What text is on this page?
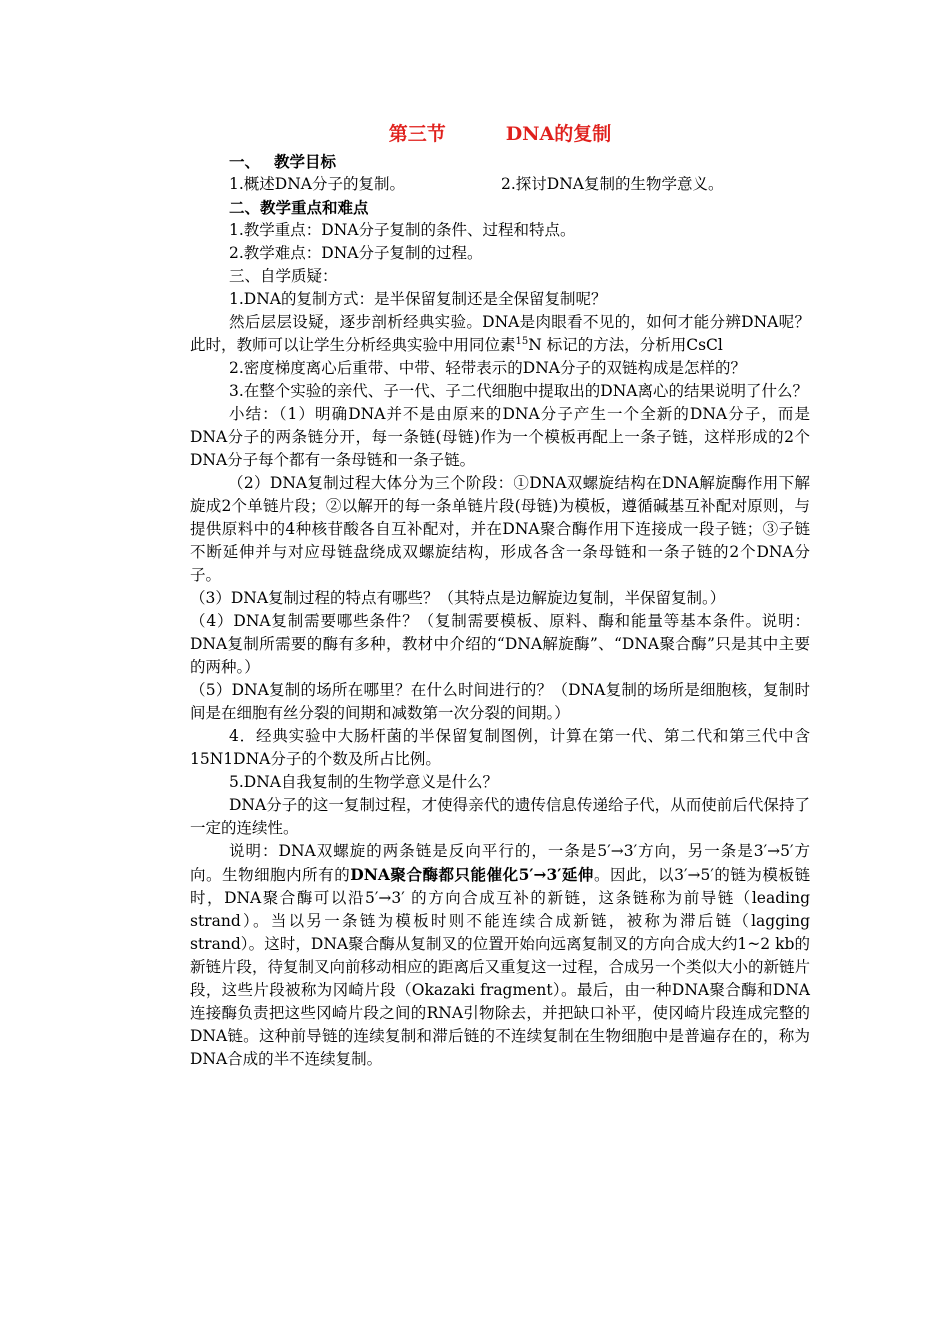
第三节	DNA的复制

一、 教学目标

1.概述DNA分子的复制。	2.探讨DNA复制的生物学意义。

二、教学重点和难点

1.教学重点：DNA分子复制的条件、过程和特点。

2.教学难点：DNA分子复制的过程。

三、自学质疑：

1.DNA的复制方式：是半保留复制还是全保留复制呢？

然后层层设疑，逐步剖析经典实验。DNA是肉眼看不见的，如何才能分辨DNA呢？此时，教师可以让学生分析经典实验中用同位素$^{15}$N 标记的方法，分析用CsCl

2.密度梯度离心后重带、中带、轻带表示的DNA分子的双链构成是怎样的？

3.在整个实验的亲代、子一代、子二代细胞中提取出的DNA离心的结果说明了什么？

小结：（1）明确DNA并不是由原来的DNA分子产生一个全新的DNA分子，而是DNA分子的两条链分开，每一条链(母链)作为一个模板再配上一条子链，这样形成的2个DNA分子每个都有一条母链和一条子链。

（2）DNA复制过程大体分为三个阶段：①DNA双螺旋结构在DNA解旋酶作用下解旋成2个单链片段；②以解开的每一条单链片段(母链)为模板，遵循碱基互补配对原则，与提供原料中的4种核苷酸各自互补配对，并在DNA聚合酶作用下连接成一段子链；③子链不断延伸并与对应母链盘绕成双螺旋结构，形成各含一条母链和一条子链的2个DNA分子。

（3）DNA复制过程的特点有哪些？（其特点是边解旋边复制，半保留复制。）

（4）DNA复制需要哪些条件？（复制需要模板、原料、酶和能量等基本条件。说明：DNA复制所需要的酶有多种，教材中介绍的“DNA解旋酶”、“DNA聚合酶”只是其中主要的两种。）

（5）DNA复制的场所在哪里？在什么时间进行的？（DNA复制的场所是细胞核，复制时间是在细胞有丝分裂的间期和减数第一次分裂的间期。）

4．经典实验中大肠杆菌的半保留复制图例，计算在第一代、第二代和第三代中含15N1DNA分子的个数及所占比例。

5.DNA自我复制的生物学意义是什么？

DNA分子的这一复制过程，才使得亲代的遗传信息传递给子代，从而使前后代保持了一定的连续性。

说明：DNA双螺旋的两条链是反向平行的，一条是5′→3′方向，另一条是3′→5′方向。生物细胞内所有的DNA聚合酶都只能催化5′→3′延伸。因此，以3′→5′的链为模板链时，DNA聚合酶可以沿5′→3′ 的方向合成互补的新链，这条链称为前导链（leading strand）。当以另一条链为模板时则不能连续合成新链，被称为滞后链（lagging strand）。这时，DNA聚合酶从复制叉的位置开始向远离复制叉的方向合成大约1~2 kb的新链片段，待复制叉向前移动相应的距离后又重复这一过程，合成另一个类似大小的新链片段，这些片段被称为冈崎片段（Okazaki fragment）。最后，由一种DNA聚合酶和DNA连接酶负责把这些冈崎片段之间的RNA引物除去，并把缺口补平，使冈崎片段连成完整的DNA链。这种前导链的连续复制和滞后链的不连续复制在生物细胞中是普遍存在的，称为DNA合成的半不连续复制。
